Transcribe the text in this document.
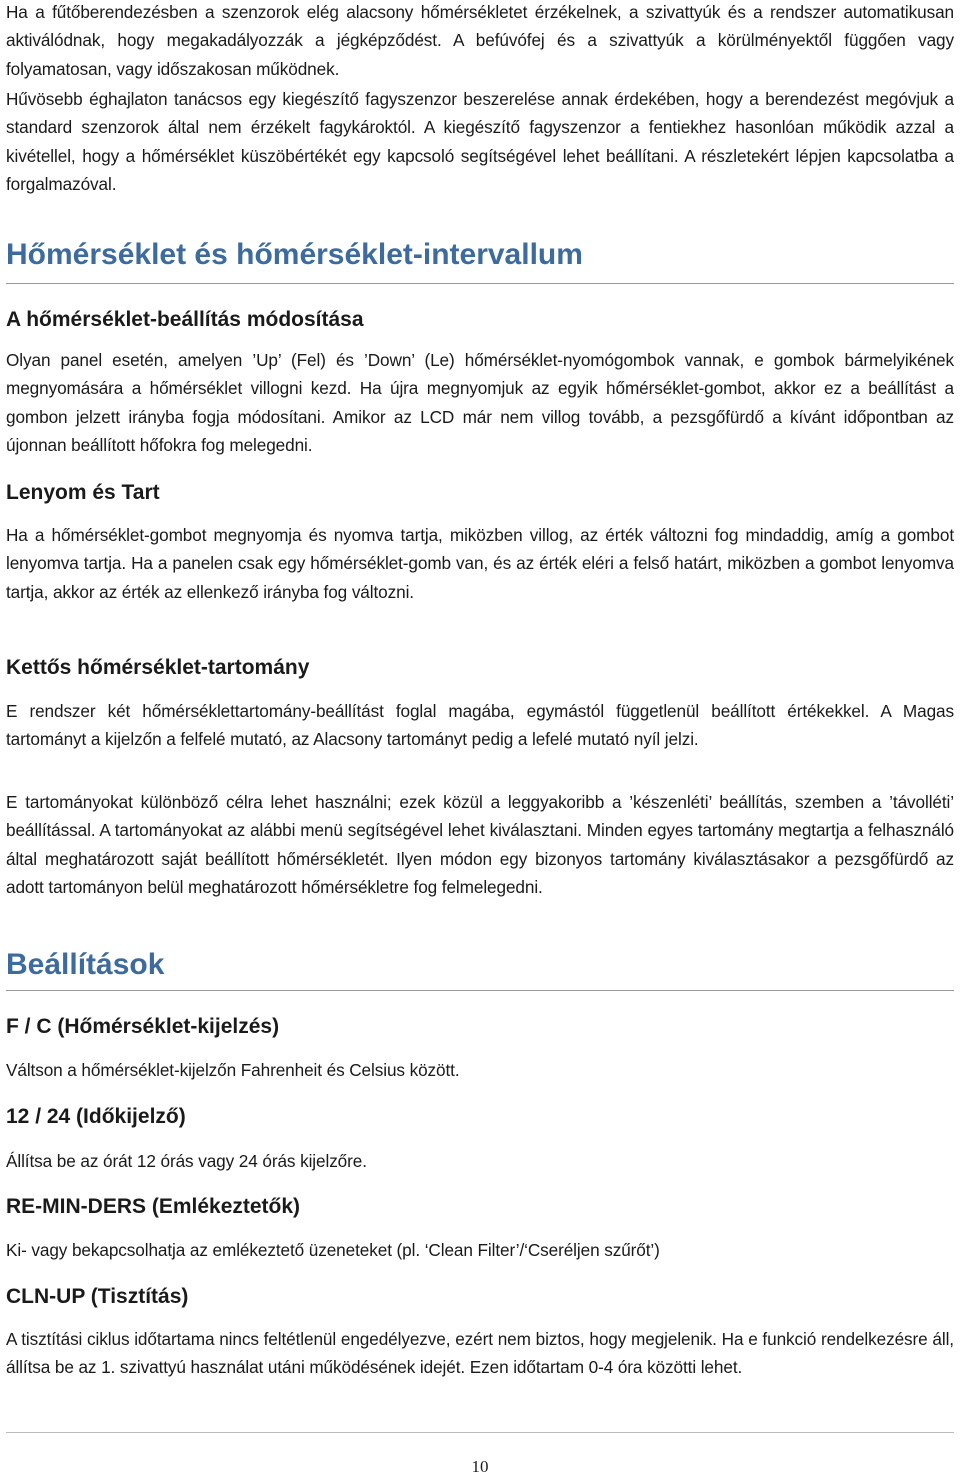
Ha a fűtőberendezésben a szenzorok elég alacsony hőmérsékletet érzékelnek, a szivattyúk és a rendszer automatikusan aktiválódnak, hogy megakadályozzák a jégképződést. A befúvófej és a szivattyúk a körülményektől függően vagy folyamatosan, vagy időszakosan működnek.

Hűvösebb éghajlaton tanácsos egy kiegészítő fagyszenzor beszerelése annak érdekében, hogy a berendezést megóvjuk a standard szenzorok által nem érzékelt fagykároktól. A kiegészítő fagyszenzor a fentiekhez hasonlóan működik azzal a kivétellel, hogy a hőmérséklet küszöbértékét egy kapcsoló segítségével lehet beállítani. A részletekért lépjen kapcsolatba a forgalmazóval.

Hőmérséklet és hőmérséklet-intervallum
A hőmérséklet-beállítás módosítása

Olyan panel esetén, amelyen ’Up’ (Fel) és ’Down’ (Le) hőmérséklet-nyomógombok vannak, e gombok bármelyikének megnyomására a hőmérséklet villogni kezd. Ha újra megnyomjuk az egyik hőmérséklet-gombot, akkor ez a beállítást a gombon jelzett irányba fogja módosítani. Amikor az LCD már nem villog tovább, a pezsgőfürdő a kívánt időpontban az újonnan beállított hőfokra fog melegedni.

Lenyom és Tart

Ha a hőmérséklet-gombot megnyomja és nyomva tartja, miközben villog, az érték változni fog mindaddig, amíg a gombot lenyomva tartja. Ha a panelen csak egy hőmérséklet-gomb van, és az érték eléri a felső határt, miközben a gombot lenyomva tartja, akkor az érték az ellenkező irányba fog változni.

Kettős hőmérséklet-tartomány

E rendszer két hőmérséklettartomány-beállítást foglal magába, egymástól függetlenül beállított értékekkel. A Magas tartományt a kijelzőn a felfelé mutató, az Alacsony tartományt pedig a lefelé mutató nyíl jelzi.

E tartományokat különböző célra lehet használni; ezek közül a leggyakoribb a ’készenléti’ beállítás, szemben a ’távolléti’ beállítással. A tartományokat az alábbi menü segítségével lehet kiválasztani. Minden egyes tartomány megtartja a felhasználó által meghatározott saját beállított hőmérsékletét. Ilyen módon egy bizonyos tartomány kiválasztásakor a pezsgőfürdő az adott tartományon belül meghatározott hőmérsékletre fog felmelegedni.

Beállítások
F / C (Hőmérséklet-kijelzés)

Váltson a hőmérséklet-kijelzőn Fahrenheit és Celsius között.

12 / 24 (Időkijelző)

Állítsa be az órát 12 órás vagy 24 órás kijelzőre.

RE-MIN-DERS (Emlékeztetők)

Ki- vagy bekapcsolhatja az emlékeztető üzeneteket (pl. ‘Clean Filter’/‘Cseréljen szűrőt’)

CLN-UP (Tisztítás)

A tisztítási ciklus időtartama nincs feltétlenül engedélyezve, ezért nem biztos, hogy megjelenik. Ha e funkció rendelkezésre áll, állítsa be az 1. szivattyú használat utáni működésének idejét. Ezen időtartam 0-4 óra közötti lehet.

10
